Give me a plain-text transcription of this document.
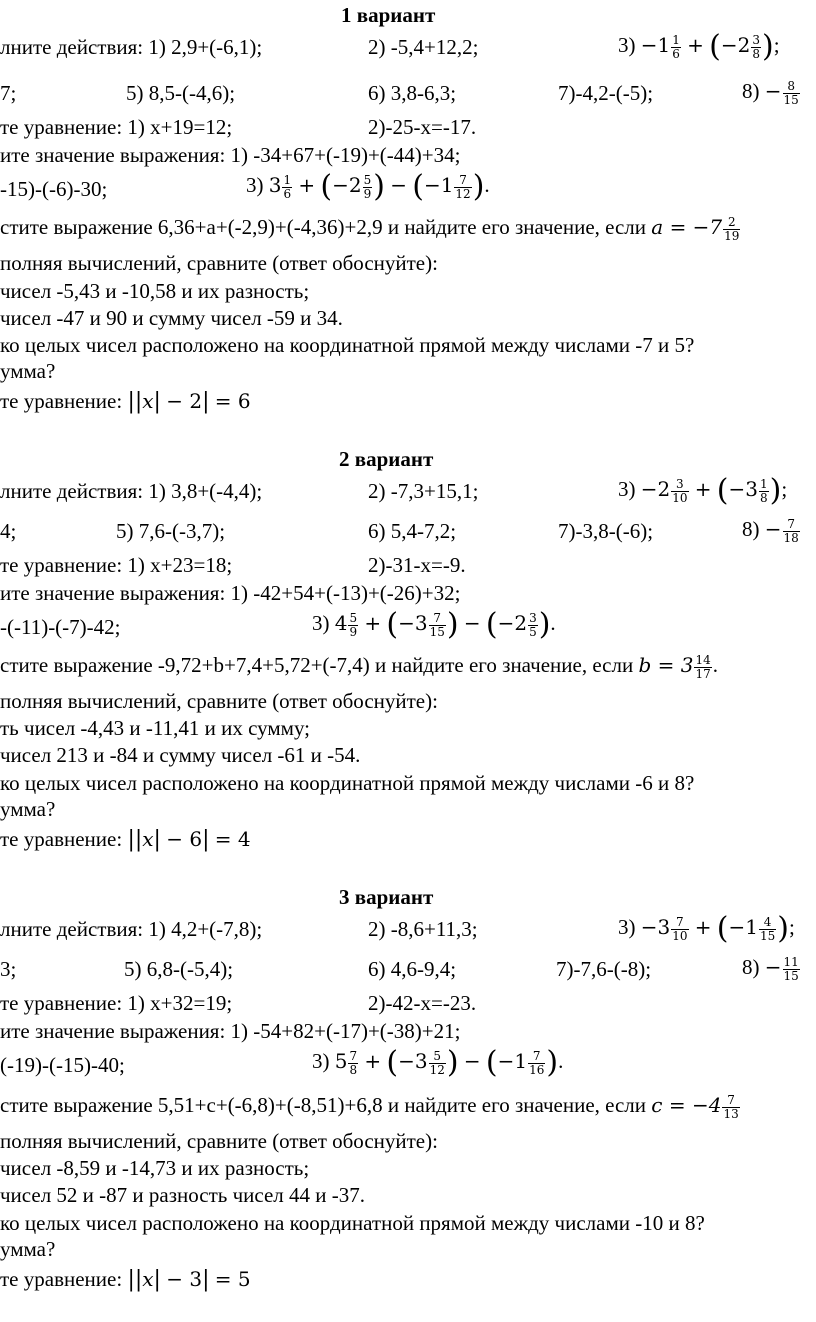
1 вариант
лните действия: 1) 2,9+(-6,1);	2) -5,4+12,2;	$3) -1 \frac{1}{6} + (-2 \frac{3}{8}$ );
7;	5) 8,5-(-4,6);	6) 3,8-6,3;	7)-4,2-(-5);	$8) - \frac{8}{15}$
те уравнение: 1) х+19=12;	2)-25-х=-17.
ите значение выражения: 1) -34+67+(-19)+(-44)+34;
-15)-(-6)-30;	3) $3 \frac{1}{6} + (-2 \frac{5}{9}$ ) − ($-1 \frac{7}{12}$ ).
стите выражение 6,36+а+(-2,9)+(-4,36)+2,9 и найдите его значение, если 𝑎 = $-7 \frac{2}{19}$
полняя вычислений, сравните (ответ обоснуйте):
чисел -5,43 и -10,58 и их разность;
чисел -47 и 90 и сумму чисел -59 и 34.
ко целых чисел расположено на координатной прямой между числами -7 и 5?
умма?
те уравнение: ||𝑥| − 2| = 6
2 вариант
лните действия: 1) 3,8+(-4,4);	2) -7,3+15,1;	$3) -2 \frac{3}{10} + (-3 \frac{1}{8}$ );
4;	5) 7,6-(-3,7);	6) 5,4-7,2;	7)-3,8-(-6);	$8) - \frac{7}{18}$
те уравнение: 1) х+23=18;	2)-31-х=-9.
ите значение выражения: 1) -42+54+(-13)+(-26)+32;
-(-11)-(-7)-42;	3) $4 \frac{5}{9} + (-3 \frac{7}{15}$ ) − ($-2 \frac{3}{5}$ ).
стите выражение -9,72+b+7,4+5,72+(-7,4) и найдите его значение, если 𝑏 = $3 \frac{14}{17}$ .
полняя вычислений, сравните (ответ обоснуйте):
ть чисел -4,43 и -11,41 и их сумму;
чисел 213 и -84 и сумму чисел -61 и -54.
ко целых чисел расположено на координатной прямой между числами -6 и 8?
умма?
те уравнение: ||𝑥| − 6| = 4
3 вариант
лните действия: 1) 4,2+(-7,8);	2) -8,6+11,3;	$3) -3 \frac{7}{10} + (-1 \frac{4}{15}$ );
3;	5) 6,8-(-5,4);	6) 4,6-9,4;	7)-7,6-(-8);	$8) - \frac{11}{15}$
те уравнение: 1) х+32=19;	2)-42-х=-23.
ите значение выражения: 1) -54+82+(-17)+(-38)+21;
(-19)-(-15)-40;	3) $5 \frac{7}{8} + (-3 \frac{5}{12}$ ) − ($-1 \frac{7}{16}$ ).
стите выражение 5,51+с+(-6,8)+(-8,51)+6,8 и найдите его значение, если 𝑐 = $-4 \frac{7}{13}$
полняя вычислений, сравните (ответ обоснуйте):
чисел -8,59 и -14,73 и их разность;
чисел 52 и -87 и разность чисел 44 и -37.
ко целых чисел расположено на координатной прямой между числами -10 и 8?
умма?
те уравнение: ||𝑥| − 3| = 5
